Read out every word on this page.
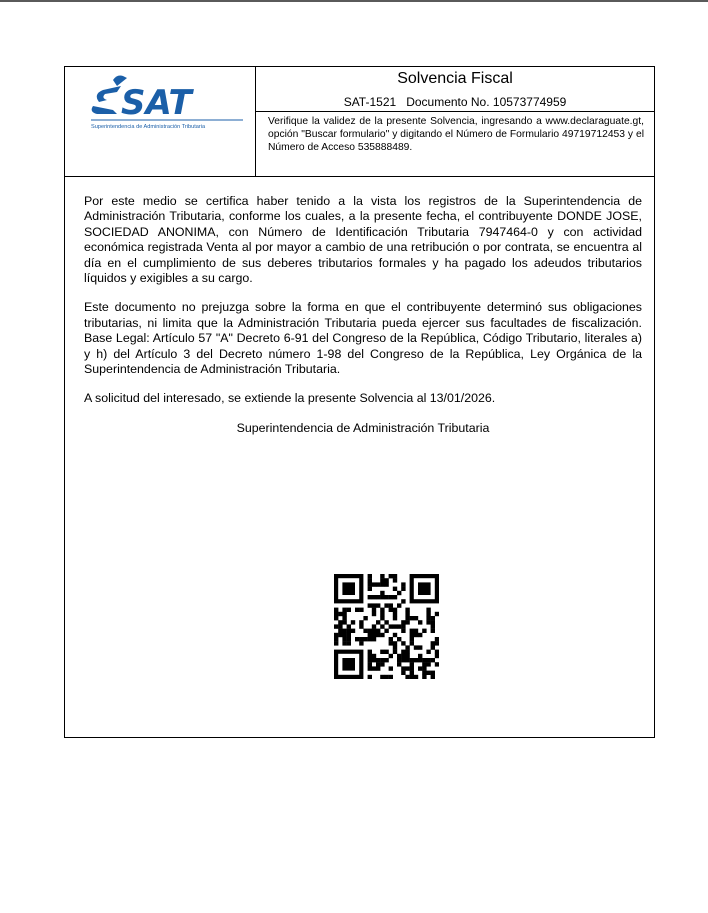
SAT
Superintendencia de Administración Tributaria
Solvencia Fiscal
SAT-1521 Documento No. 10573774959
Verifique la validez de la presente Solvencia, ingresando a www.declaraguate.gt, opción "Buscar formulario" y digitando el Número de Formulario 4971971245​3 y el Número de Acceso 535888489.

Por este medio se certifica haber tenido a la vista los registros de la Superintendencia de Administración Tributaria, conforme los cuales, a la presente fecha, el contribuyente DONDE JOSE, SOCIEDAD ANONIMA, con Número de Identificación Tributaria 7947464-0 y con actividad económica registrada Venta al por mayor a cambio de una retribución o por contrata, se encuentra al día en el cumplimiento de sus deberes tributarios formales y ha pagado los adeudos tributarios líquidos y exigibles a su cargo.

Este documento no prejuzga sobre la forma en que el contribuyente determinó sus obligaciones tributarias, ni limita que la Administración Tributaria pueda ejercer sus facultades de fiscalización. Base Legal: Artículo 57 "A" Decreto 6-91 del Congreso de la República, Código Tributario, literales a) y h) del Artículo 3 del Decreto número 1-98 del Congreso de la República, Ley Orgánica de la Superintendencia de Administración Tributaria.

A solicitud del interesado, se extiende la presente Solvencia al 13/01/2026.

Superintendencia de Administración Tributaria
